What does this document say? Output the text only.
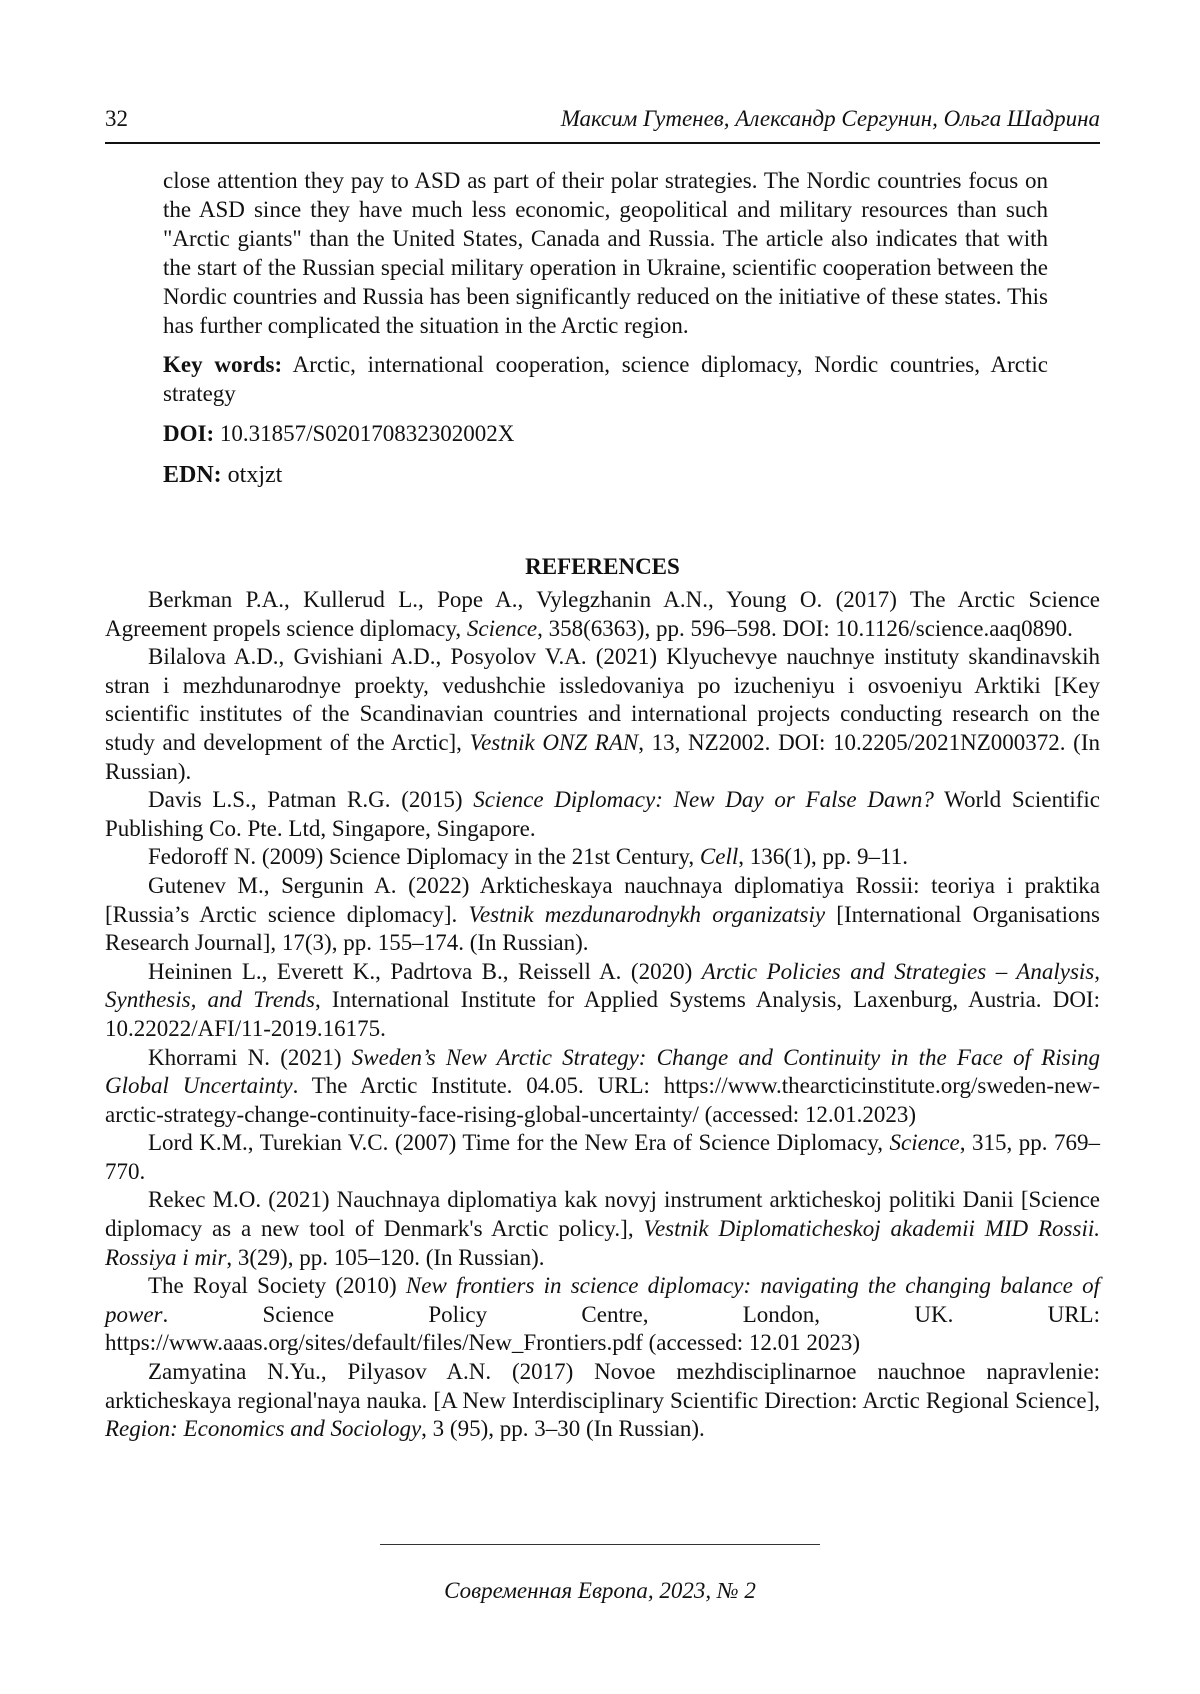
32	Максим Гутенев, Александр Сергунин, Ольга Шадрина

close attention they pay to ASD as part of their polar strategies. The Nordic countries focus on the ASD since they have much less economic, geopolitical and military resources than such "Arctic giants" than the United States, Canada and Russia. The article also indicates that with the start of the Russian special military operation in Ukraine, scientific cooperation between the Nordic countries and Russia has been significantly reduced on the initiative of these states. This has further complicated the situation in the Arctic region.

Key words: Arctic, international cooperation, science diplomacy, Nordic countries, Arctic strategy

DOI: 10.31857/S020170832302002X

EDN: otxjzt

REFERENCES

Berkman P.A., Kullerud L., Pope A., Vylegzhanin A.N., Young O. (2017) The Arctic Science Agreement propels science diplomacy, Science, 358(6363), pp. 596–598. DOI: 10.1126/science.aaq0890.

Bilalova A.D., Gvishiani A.D., Posyolov V.A. (2021) Klyuchevye nauchnye instituty skandinavskih stran i mezhdunarodnye proekty, vedushchie issledovaniya po izucheniyu i osvoeniyu Arktiki [Key scientific institutes of the Scandinavian countries and international projects conducting research on the study and development of the Arctic], Vestnik ONZ RAN, 13, NZ2002. DOI: 10.2205/2021NZ000372. (In Russian).

Davis L.S., Patman R.G. (2015) Science Diplomacy: New Day or False Dawn? World Scientific Publishing Co. Pte. Ltd, Singapore, Singapore.

Fedoroff N. (2009) Science Diplomacy in the 21st Century, Cell, 136(1), pp. 9–11.

Gutenev M., Sergunin A. (2022) Arkticheskaya nauchnaya diplomatiya Rossii: teoriya i praktika [Russia’s Arctic science diplomacy]. Vestnik mezdunarodnykh organizatsiy [International Organisations Research Journal], 17(3), pp. 155–174. (In Russian).

Heininen L., Everett K., Padrtova B., Reissell A. (2020) Arctic Policies and Strategies – Analysis, Synthesis, and Trends, International Institute for Applied Systems Analysis, Laxenburg, Austria. DOI: 10.22022/AFI/11-2019.16175.

Khorrami N. (2021) Sweden’s New Arctic Strategy: Change and Continuity in the Face of Rising Global Uncertainty. The Arctic Institute. 04.05. URL: https://www.thearcticinstitute.org/sweden-new-arctic-strategy-change-continuity-face-rising-global-uncertainty/ (accessed: 12.01.2023)

Lord K.M., Turekian V.C. (2007) Time for the New Era of Science Diplomacy, Science, 315, pp. 769–770.

Rekec M.O. (2021) Nauchnaya diplomatiya kak novyj instrument arkticheskoj politiki Danii [Science diplomacy as a new tool of Denmark's Arctic policy.], Vestnik Diplomaticheskoj akademii MID Rossii. Rossiya i mir, 3(29), pp. 105–120. (In Russian).

The Royal Society (2010) New frontiers in science diplomacy: navigating the changing balance of power. Science Policy Centre, London, UK. URL: https://www.aaas.org/sites/default/files/New_Frontiers.pdf (accessed: 12.01 2023)

Zamyatina N.Yu., Pilyasov A.N. (2017) Novoe mezhdisciplinarnoe nauchnoe napravlenie: arkticheskaya regional'naya nauka. [A New Interdisciplinary Scientific Direction: Arctic Regional Science], Region: Economics and Sociology, 3 (95), pp. 3–30 (In Russian).

Современная Европа, 2023, № 2
